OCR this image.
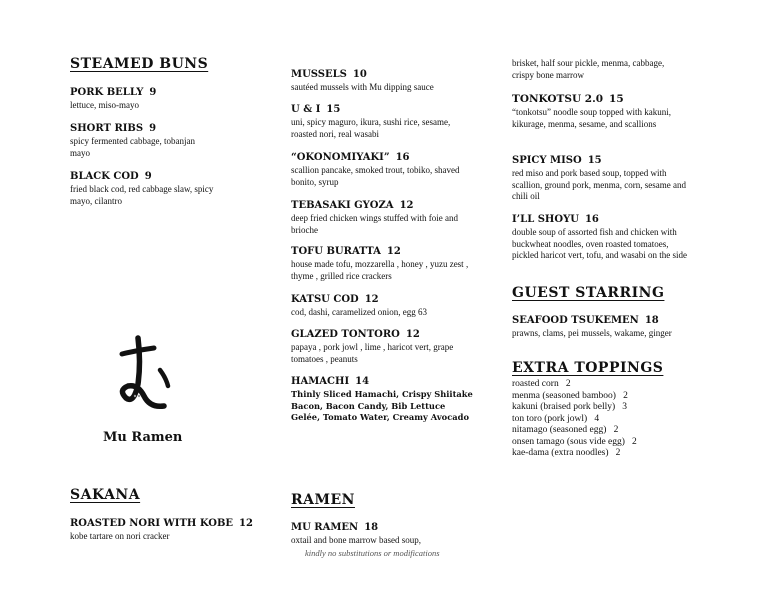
STEAMED BUNS
PORK BELLY 9
lettuce, miso-mayo
SHORT RIBS 9
spicy fermented cabbage, tobanjan mayo
BLACK COD 9
fried black cod, red cabbage slaw, spicy mayo, cilantro
Mu Ramen
SAKANA
ROASTED NORI WITH KOBE 12
kobe tartare on nori cracker
MUSSELS 10
sautéed mussels with Mu dipping sauce
U & I 15
uni, spicy maguro, ikura, sushi rice, sesame, roasted nori, real wasabi
“OKONOMIYAKI” 16
scallion pancake, smoked trout, tobiko, shaved bonito, syrup
TEBASAKI GYOZA 12
deep fried chicken wings stuffed with foie and brioche
TOFU BURATTA 12
house made tofu, mozzarella , honey , yuzu zest , thyme , grilled rice crackers
KATSU COD 12
cod, dashi, caramelized onion, egg 63
GLAZED TONTORO 12
papaya , pork jowl , lime , haricot vert, grape tomatoes , peanuts
HAMACHI 14
Thinly Sliced Hamachi, Crispy Shiitake Bacon, Bacon Candy, Bib Lettuce Gelée, Tomato Water, Creamy Avocado
RAMEN
MU RAMEN 18
oxtail and bone marrow based soup,
kindly no substitutions or modifications
brisket, half sour pickle, menma, cabbage, crispy bone marrow
TONKOTSU 2.0 15
“tonkotsu” noodle soup topped with kakuni, kikurage, menma, sesame, and scallions
SPICY MISO 15
red miso and pork based soup, topped with scallion, ground pork, menma, corn, sesame and chili oil
I’LL SHOYU 16
double soup of assorted fish and chicken with buckwheat noodles, oven roasted tomatoes, pickled haricot vert, tofu, and wasabi on the side
GUEST STARRING
SEAFOOD TSUKEMEN 18
prawns, clams, pei mussels, wakame, ginger
EXTRA TOPPINGS
roasted corn 2
menma (seasoned bamboo) 2
kakuni (braised pork belly) 3
ton toro (pork jowl) 4
nitamago (seasoned egg) 2
onsen tamago (sous vide egg) 2
kae-dama (extra noodles) 2
